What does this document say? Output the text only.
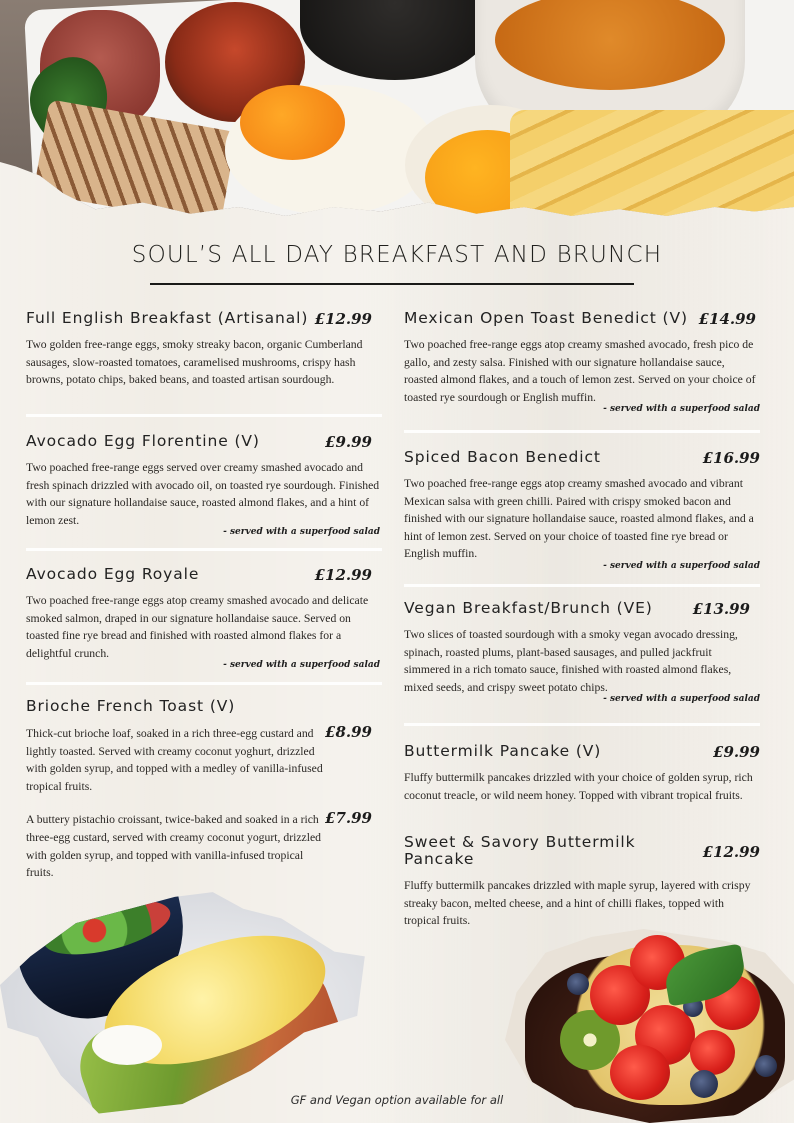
SOUL’S ALL DAY BREAKFAST AND BRUNCH
Full English Breakfast (Artisanal) £12.99
Two golden free-range eggs, smoky streaky bacon, organic Cumberland sausages, slow-roasted tomatoes, caramelised mushrooms, crispy hash browns, potato chips, baked beans, and toasted artisan sourdough.
Avocado Egg Florentine (V)	£9.99
Two poached free-range eggs served over creamy smashed avocado and fresh spinach drizzled with avocado oil, on toasted rye sourdough. Finished with our signature hollandaise sauce, roasted almond flakes, and a hint of lemon zest.
- served with a superfood salad
Avocado Egg Royale	£12.99
Two poached free-range eggs atop creamy smashed avocado and delicate smoked salmon, draped in our signature hollandaise sauce. Served on toasted fine rye bread and finished with roasted almond flakes for a delightful crunch.
- served with a superfood salad
Brioche French Toast (V)
Thick-cut brioche loaf, soaked in a rich three-egg custard and lightly toasted. Served with creamy coconut yoghurt, drizzled with golden syrup, and topped with a medley of vanilla-infused tropical fruits.
£8.99
A buttery pistachio croissant, twice-baked and soaked in a rich three-egg custard, served with creamy coconut yogurt, drizzled with golden syrup, and topped with vanilla-infused tropical fruits.
£7.99
Mexican Open Toast Benedict (V) £14.99
Two poached free-range eggs atop creamy smashed avocado, fresh pico de gallo, and zesty salsa. Finished with our signature hollandaise sauce, roasted almond flakes, and a touch of lemon zest. Served on your choice of toasted rye sourdough or English muffin.
- served with a superfood salad
Spiced Bacon Benedict	£16.99
Two poached free-range eggs atop creamy smashed avocado and vibrant Mexican salsa with green chilli. Paired with crispy smoked bacon and finished with our signature hollandaise sauce, roasted almond flakes, and a hint of lemon zest. Served on your choice of toasted fine rye bread or English muffin.
- served with a superfood salad
Vegan Breakfast/Brunch (VE)	£13.99
Two slices of toasted sourdough with a smoky vegan avocado dressing, spinach, roasted plums, plant-based sausages, and pulled jackfruit simmered in a rich tomato sauce, finished with roasted almond flakes, mixed seeds, and crispy sweet potato chips.
- served with a superfood salad
Buttermilk Pancake (V)	£9.99
Fluffy buttermilk pancakes drizzled with your choice of golden syrup, rich coconut treacle, or wild neem honey. Topped with vibrant tropical fruits.
Sweet & Savory Buttermilk Pancake	£12.99
Fluffy buttermilk pancakes drizzled with maple syrup, layered with crispy streaky bacon, melted cheese, and a hint of chilli flakes, topped with tropical fruits.
GF and Vegan option available for all
